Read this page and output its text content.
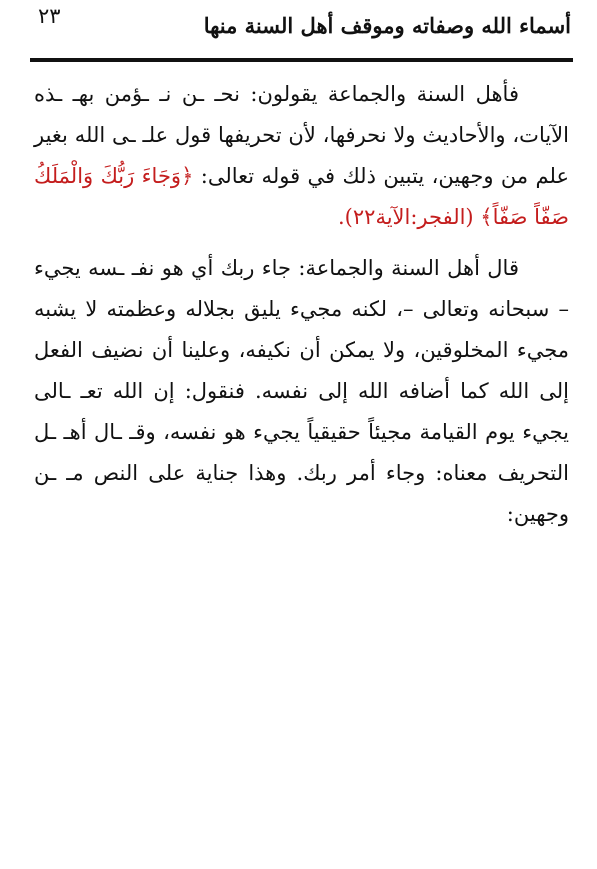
٢٣	أسماء الله وصفاته وموقف أهل السنة منها

فأهل السنة والجماعة يقولون: نحـ ـن نـ ـؤمن بهـ ـذه الآيات، والأحاديث ولا نحرفها، لأن تحريفها قول علـ ـى الله بغير علم من وجهين، يتبين ذلك في قوله تعالى: ﴿وَجَاءَ رَبُّكَ وَالْمَلَكُ صَفّاً صَفّاً﴾ (الفجر:الآية٢٢).

قال أهل السنة والجماعة: جاء ربك أي هو نفـ ـسه يجيء – سبحانه وتعالى –، لكنه مجيء يليق بجلاله وعظمته لا يشبه مجيء المخلوقين، ولا يمكن أن نكيفه، وعلينا أن نضيف الفعل إلى الله كما أضافه الله إلى نفسه. فنقول: إن الله تعـ ـالى يجيء يوم القيامة مجيئاً حقيقياً يجيء هو نفسه، وقـ ـال أهـ ـل التحريف معناه: وجاء أمر ربك. وهذا جناية على النص مـ ـن وجهين:
